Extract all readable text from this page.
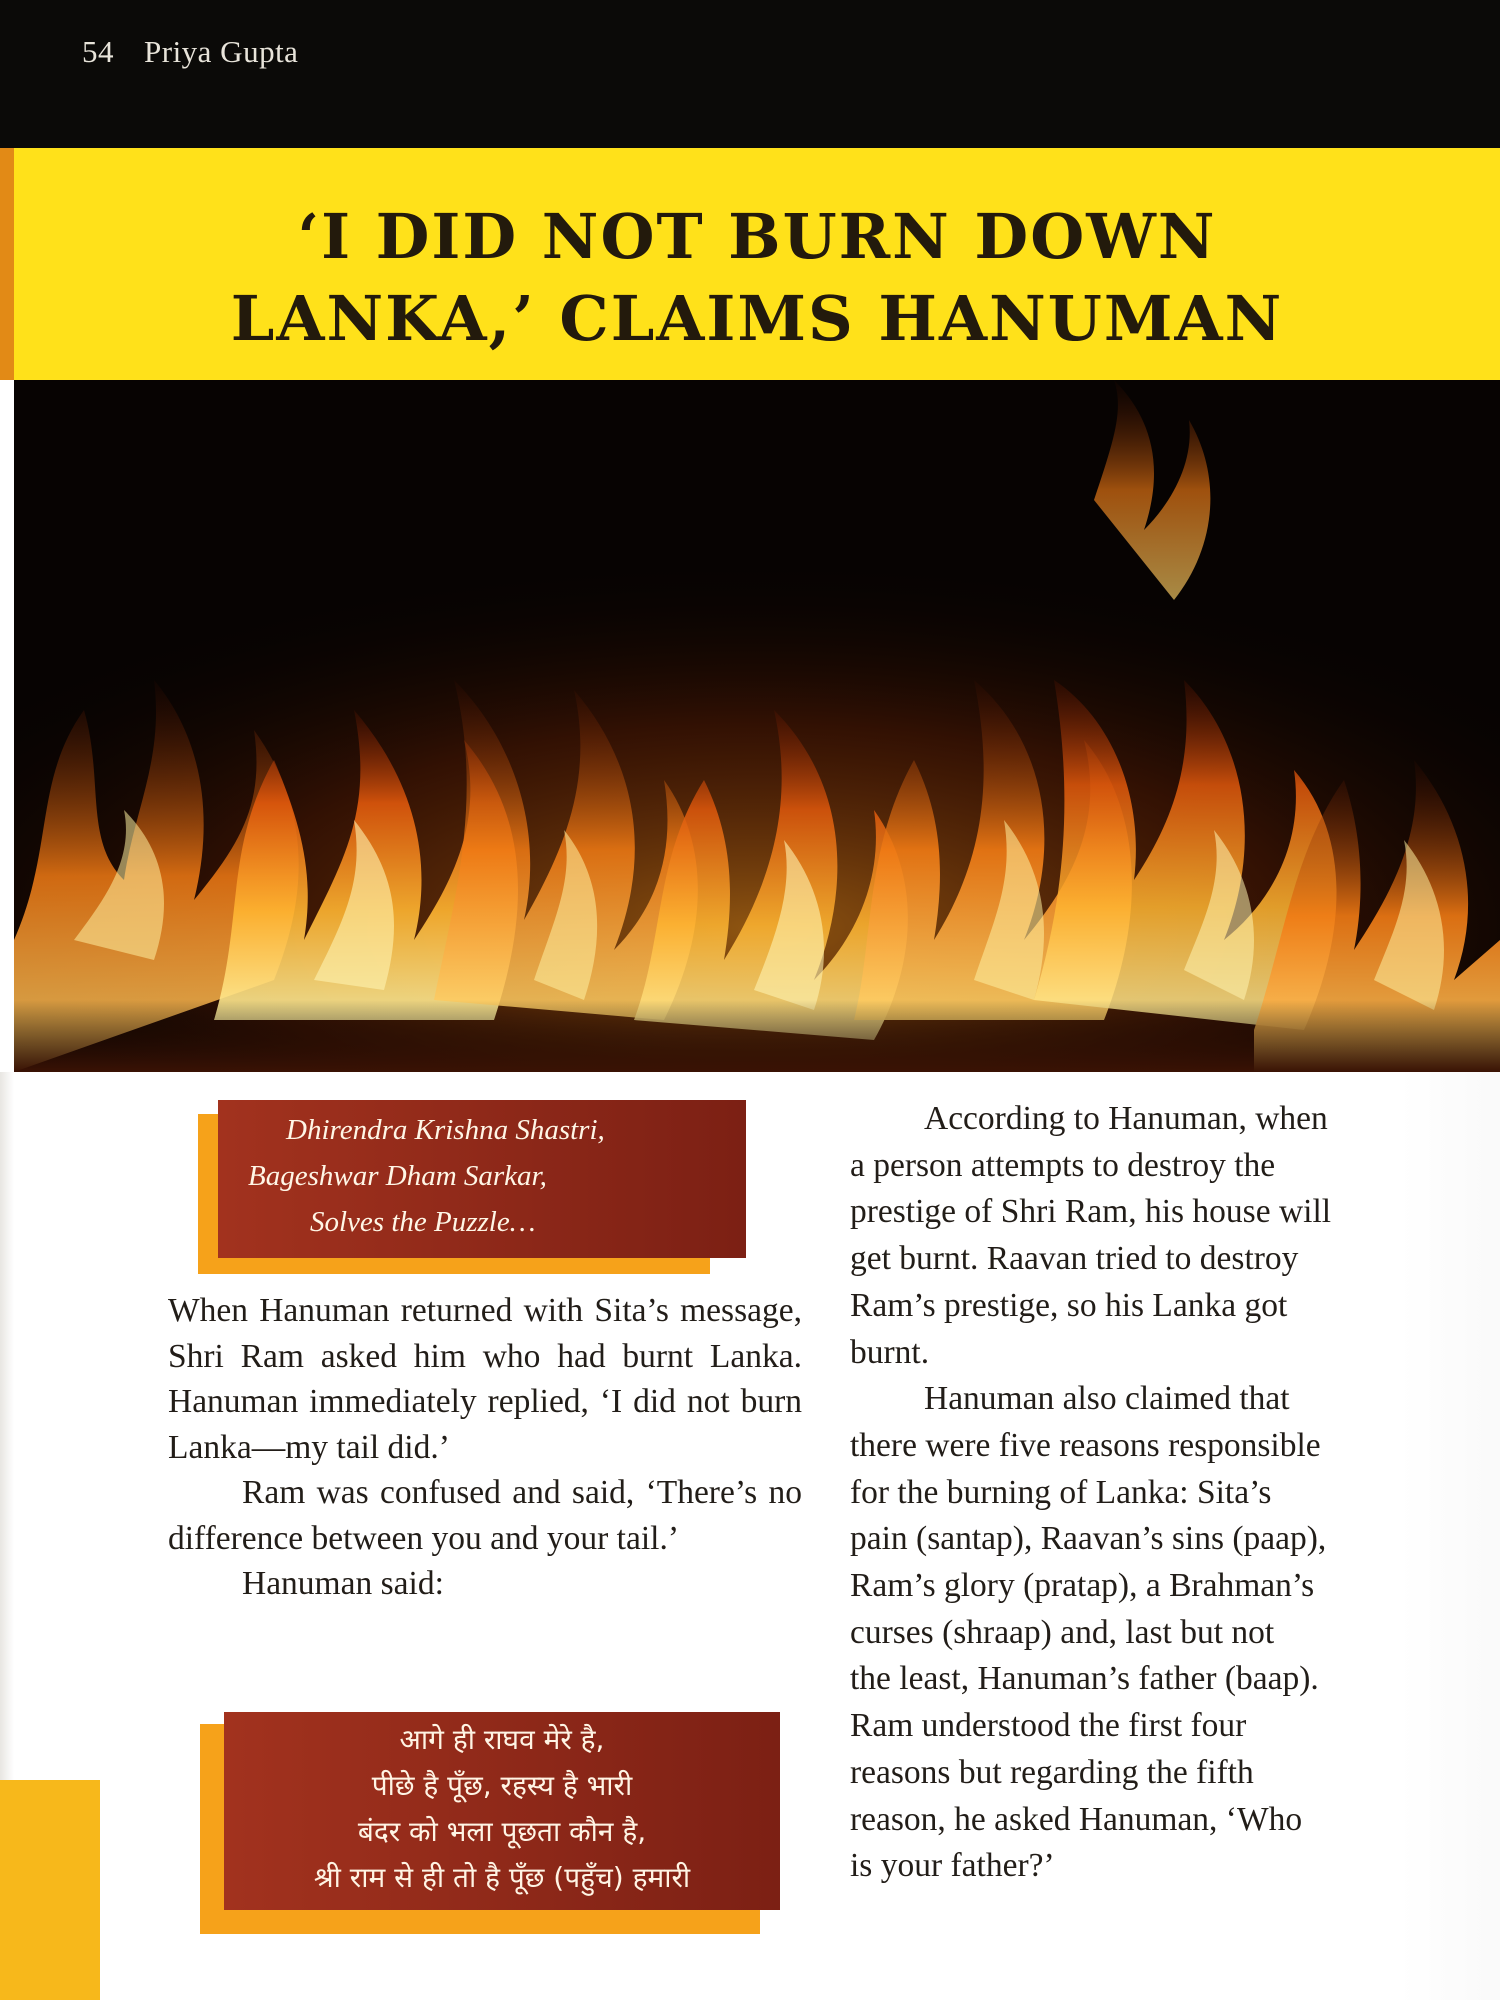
54 Priya Gupta
‘I DID NOT BURN DOWN
LANKA,’ CLAIMS HANUMAN
Dhirendra Krishna Shastri,
Bageshwar Dham Sarkar,
Solves the Puzzle…

When Hanuman returned with Sita’s message, Shri Ram asked him who had burnt Lanka. Hanuman immediately replied, ‘I did not burn Lanka—my tail did.’

Ram was confused and said, ‘There’s no difference between you and your tail.’

Hanuman said:

आगे ही राघव मेरे है,
पीछे है पूँछ, रहस्य है भारी
बंदर को भला पूछता कौन है,
श्री राम से ही तो है पूँछ (पहुँच) हमारी
According to Hanuman, when
a person attempts to destroy the
prestige of Shri Ram, his house will
get burnt. Raavan tried to destroy
Ram’s prestige, so his Lanka got
burnt.
Hanuman also claimed that
there were five reasons responsible
for the burning of Lanka: Sita’s
pain (santap), Raavan’s sins (paap),
Ram’s glory (pratap), a Brahman’s
curses (shraap) and, last but not
the least, Hanuman’s father (baap).
Ram understood the first four
reasons but regarding the fifth
reason, he asked Hanuman, ‘Who
is your father?’
